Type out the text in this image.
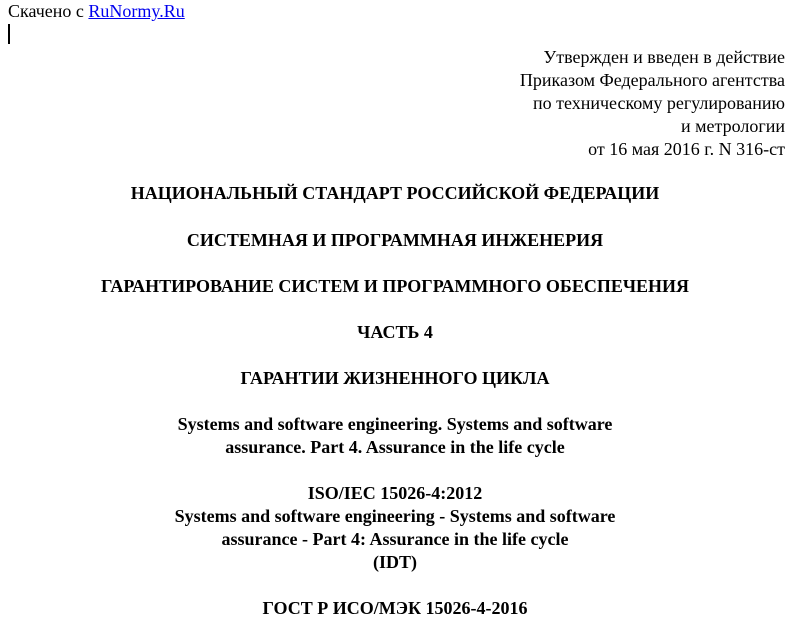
Скачено с RuNormy.Ru
Утвержден и введен в действие
Приказом Федерального агентства
по техническому регулированию
и метрологии
от 16 мая 2016 г. N 316-ст
НАЦИОНАЛЬНЫЙ СТАНДАРТ РОССИЙСКОЙ ФЕДЕРАЦИИ
СИСТЕМНАЯ И ПРОГРАММНАЯ ИНЖЕНЕРИЯ
ГАРАНТИРОВАНИЕ СИСТЕМ И ПРОГРАММНОГО ОБЕСПЕЧЕНИЯ
ЧАСТЬ 4
ГАРАНТИИ ЖИЗНЕННОГО ЦИКЛА
Systems and software engineering. Systems and software
assurance. Part 4. Assurance in the life cycle
ISO/IEC 15026-4:2012
Systems and software engineering - Systems and software
assurance - Part 4: Assurance in the life cycle
(IDT)
ГОСТ Р ИСО/МЭК 15026-4-2016
